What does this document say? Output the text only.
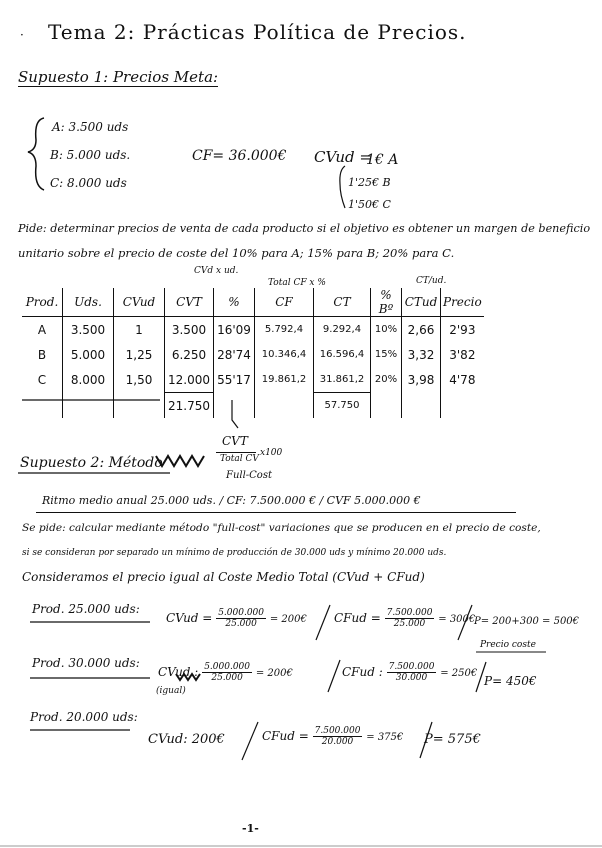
Tema 2: Prácticas Política de Precios.
·
Supuesto 1: Precios Meta:
A: 3.500 uds
B: 5.000 uds.
C: 8.000 uds
CF= 36.000€ CVud =
1€ A
1'25€ B
1'50€ C
Pide: determinar precios de venta de cada producto si el objetivo es obtener un margen de beneficio
unitario sobre el precio de coste del 10% para A; 15% para B; 20% para C.
CVd x ud.
Total CF x %	CT/ud.
Prod.	Uds.	CVud	CVT	%	CF	CT	% Bº	CTud	Precio
A	3.500	1	3.500	16'09	5.792,4	9.292,4	10%	2,66	2'93
B	5.000	1,25	6.250	28'74	10.346,4	16.596,4	15%	3,32	3'82
C	8.000	1,50	12.000	55'17	19.861,2	31.861,2	20%	3,98	4'78
			21.750			57.750			
CVT
Total CV
x100
Supuesto 2: Método
Full-Cost
Ritmo medio anual 25.000 uds. / CF: 7.500.000 € / CVF 5.000.000 €
Se pide: calcular mediante método "full-cost" variaciones que se producen en el precio de coste,
si se consideran por separado un mínimo de producción de 30.000 uds y mínimo 20.000 uds.
Consideramos el precio igual al Coste Medio Total (CVud + CFud)
Prod. 25.000 uds:
CVud = $\frac{5.000.000}{25.000}$ = 200€ CFud = $\frac{7.500.000}{25.000}$ = 300€
P= 200+300 = 500€
Precio coste
Prod. 30.000 uds:
CVud : $\frac{5.000.000}{25.000}$ = 200€
(igual)
CFud : $\frac{7.500.000}{30.000}$ = 250€
P= 450€
Prod. 20.000 uds:
CVud: 200€	CFud = $\frac{7.500.000}{20.000}$ = 375€ P= 575€
-1-
